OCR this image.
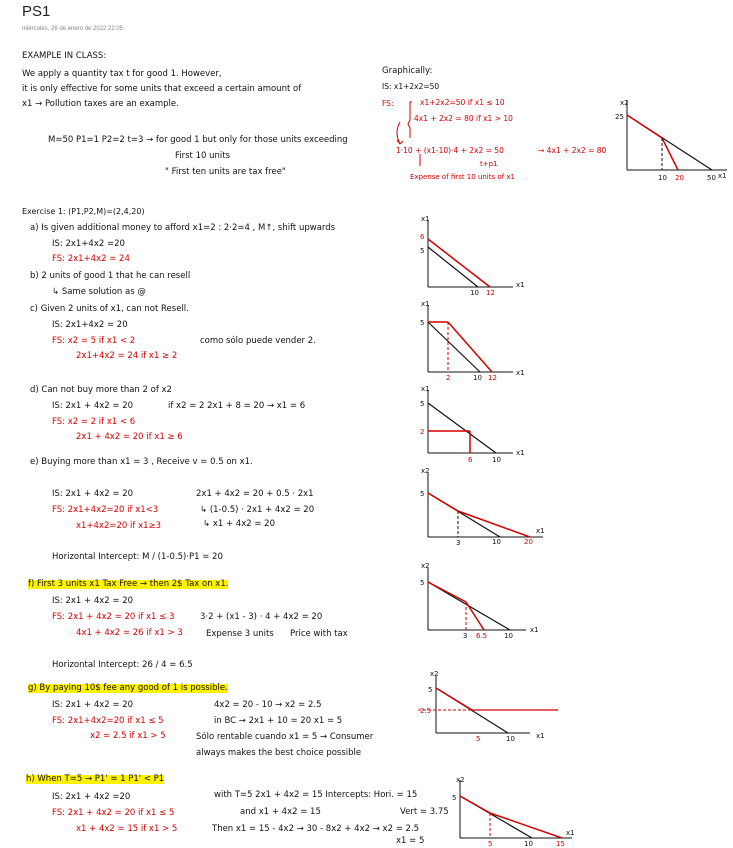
PS1
miércoles, 26 de enero de 2022 22:05
EXAMPLE IN CLASS:
We apply a quantity tax t for good 1. However,
it is only effective for some units that exceed a certain amount of
x1 → Pollution taxes are an example.
M=50 P1=1 P2=2 t=3 → for good 1 but only for those units exceeding
First 10 units
" First ten units are tax free"
Graphically:
IS: x1+2x2=50
FS:	x1+2x2=50 if x1 ≤ 10
4x1 + 2x2 = 80 if x1 > 10
1·10 + (x1-10)·4 + 2x2 = 50	→ 4x1 + 2x2 = 80
t+p1
Expense of first 10 units of x1
x2
x1
25
10 20	50
Exercise 1: (P1,P2,M)=(2,4,20)
a) Is given additional money to afford x1=2 : 2·2=4 , M↑, shift upwards
IS: 2x1+4x2 =20
FS: 2x1+4x2 = 24
x1
x1
6
5
10 12
b) 2 units of good 1 that he can resell
↳ Same solution as @
c) Given 2 units of x1, can not Resell.
IS: 2x1+4x2 = 20
FS: x2 = 5 if x1 < 2	como sólo puede vender 2.
2x1+4x2 = 24 if x1 ≥ 2
x1
x1
5
2	10 12
d) Can not buy more than 2 of x2
IS: 2x1 + 4x2 = 20	if x2 = 2 2x1 + 8 = 20 → x1 = 6
FS: x2 = 2 if x1 < 6
2x1 + 4x2 = 20 if x1 ≥ 6
x1
x1
5
2
6	10
e) Buying more than x1 = 3 , Receive v = 0.5 on x1.
IS: 2x1 + 4x2 = 20
FS: 2x1+4x2=20 if x1<3
x1+4x2=20 if x1≥3
2x1 + 4x2 = 20 + 0.5 · 2x1
↳ (1-0.5) · 2x1 + 4x2 = 20
↳ x1 + 4x2 = 20
Horizontal Intercept: M / (1-0.5)·P1 = 20
x2
x1
5
3	10	20
f) First 3 units x1 Tax Free → then 2$ Tax on x1.
IS: 2x1 + 4x2 = 20
FS: 2x1 + 4x2 = 20 if x1 ≤ 3
4x1 + 4x2 = 26 if x1 > 3
3·2 + (x1 - 3) · 4 + 4x2 = 20
Expense 3 units Price with tax
Horizontal Intercept: 26 / 4 = 6.5
x2
x1
5
3 6.5 10
g) By paying 10$ fee any good of 1 is possible.
IS: 2x1 + 4x2 = 20
FS: 2x1+4x2=20 if x1 ≤ 5
x2 = 2.5 if x1 > 5
4x2 = 20 - 10 → x2 = 2.5
in BC → 2x1 + 10 = 20 x1 = 5
Sólo rentable cuando x1 = 5 → Consumer
always makes the best choice possible
x2
x1
5
2.5
5	10
h) When T=5 → P1' = 1 P1' < P1
IS: 2x1 + 4x2 =20
FS: 2x1 + 4x2 = 20 if x1 ≤ 5
x1 + 4x2 = 15 if x1 > 5
with T=5 2x1 + 4x2 = 15 Intercepts: Hori. = 15
and x1 + 4x2 = 15	Vert = 3.75
Then x1 = 15 - 4x2 → 30 - 8x2 + 4x2 → x2 = 2.5
x1 = 5
x2
x1
5
5	10	15
